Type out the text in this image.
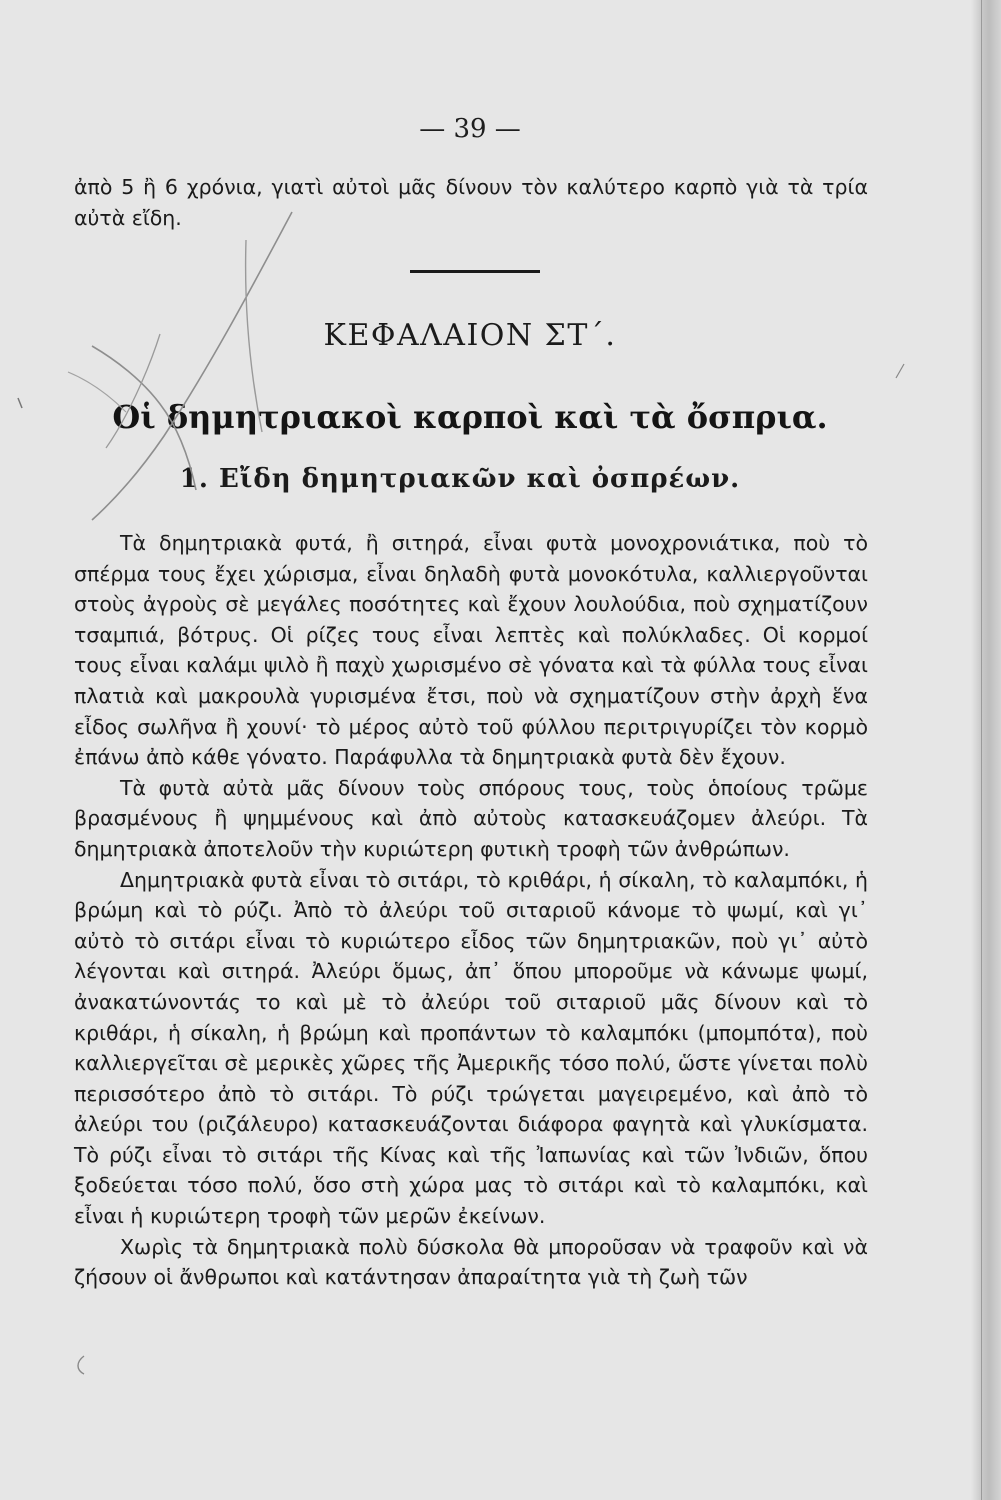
— 39 —

ἀπὸ 5 ἢ 6 χρόνια, γιατὶ αὐτοὶ μᾶς δίνουν τὸν καλύτερο καρπὸ γιὰ τὰ τρία αὐτὰ εἴδη.

ΚΕΦΑΛΑΙΟΝ ΣΤ΄.
Οἱ δημητριακοὶ καρποὶ καὶ τὰ ὄσπρια.
1. Εἴδη δημητριακῶν καὶ ὀσπρέων.

Τὰ δημητριακὰ φυτά, ἢ σιτηρά, εἶναι φυτὰ μονοχρονιάτικα, ποὺ τὸ σπέρμα τους ἔχει χώρισμα, εἶναι δηλαδὴ φυτὰ μονοκότυλα, καλλιεργοῦνται στοὺς ἀγροὺς σὲ μεγάλες ποσότητες καὶ ἔχουν λουλούδια, ποὺ σχηματίζουν τσαμπιά, βότρυς. Οἱ ρίζες τους εἶναι λεπτὲς καὶ πολύκλαδες. Οἱ κορμοί τους εἶναι καλάμι ψιλὸ ἢ παχὺ χωρισμένο σὲ γόνατα καὶ τὰ φύλλα τους εἶναι πλατιὰ καὶ μακρουλὰ γυρισμένα ἔτσι, ποὺ νὰ σχηματίζουν στὴν ἀρχὴ ἕνα εἶδος σωλῆνα ἢ χουνί· τὸ μέρος αὐτὸ τοῦ φύλλου περιτριγυρίζει τὸν κορμὸ ἐπάνω ἀπὸ κάθε γόνατο. Παράφυλλα τὰ δημητριακὰ φυτὰ δὲν ἔχουν.

Τὰ φυτὰ αὐτὰ μᾶς δίνουν τοὺς σπόρους τους, τοὺς ὁποίους τρῶμε βρασμένους ἢ ψημμένους καὶ ἀπὸ αὐτοὺς κατασκευάζομεν ἀλεύρι. Τὰ δημητριακὰ ἀποτελοῦν τὴν κυριώτερη φυτικὴ τροφὴ τῶν ἀνθρώπων.

Δημητριακὰ φυτὰ εἶναι τὸ σιτάρι, τὸ κριθάρι, ἡ σίκαλη, τὸ καλαμπόκι, ἡ βρώμη καὶ τὸ ρύζι. Ἀπὸ τὸ ἀλεύρι τοῦ σιταριοῦ κάνομε τὸ ψωμί, καὶ γι᾿ αὐτὸ τὸ σιτάρι εἶναι τὸ κυριώτερο εἶδος τῶν δημητριακῶν, ποὺ γι᾿ αὐτὸ λέγονται καὶ σιτηρά. Ἀλεύρι ὅμως, ἀπ᾿ ὅπου μποροῦμε νὰ κάνωμε ψωμί, ἀνακατώνοντάς το καὶ μὲ τὸ ἀλεύρι τοῦ σιταριοῦ μᾶς δίνουν καὶ τὸ κριθάρι, ἡ σίκαλη, ἡ βρώμη καὶ προπάντων τὸ καλαμπόκι (μπομπότα), ποὺ καλλιεργεῖται σὲ μερικὲς χῶρες τῆς Ἀμερικῆς τόσο πολύ, ὥστε γίνεται πολὺ περισσότερο ἀπὸ τὸ σιτάρι. Τὸ ρύζι τρώγεται μαγειρεμένο, καὶ ἀπὸ τὸ ἀλεύρι του (ριζάλευρο) κατασκευάζονται διάφορα φαγητὰ καὶ γλυκίσματα. Τὸ ρύζι εἶναι τὸ σιτάρι τῆς Κίνας καὶ τῆς Ἰαπωνίας καὶ τῶν Ἰνδιῶν, ὅπου ξοδεύεται τόσο πολύ, ὅσο στὴ χώρα μας τὸ σιτάρι καὶ τὸ καλαμπόκι, καὶ εἶναι ἡ κυριώτερη τροφὴ τῶν μερῶν ἐκείνων.

Χωρὶς τὰ δημητριακὰ πολὺ δύσκολα θὰ μποροῦσαν νὰ τραφοῦν καὶ νὰ ζήσουν οἱ ἄνθρωποι καὶ κατάντησαν ἀπαραίτητα γιὰ τὴ ζωὴ τῶν
